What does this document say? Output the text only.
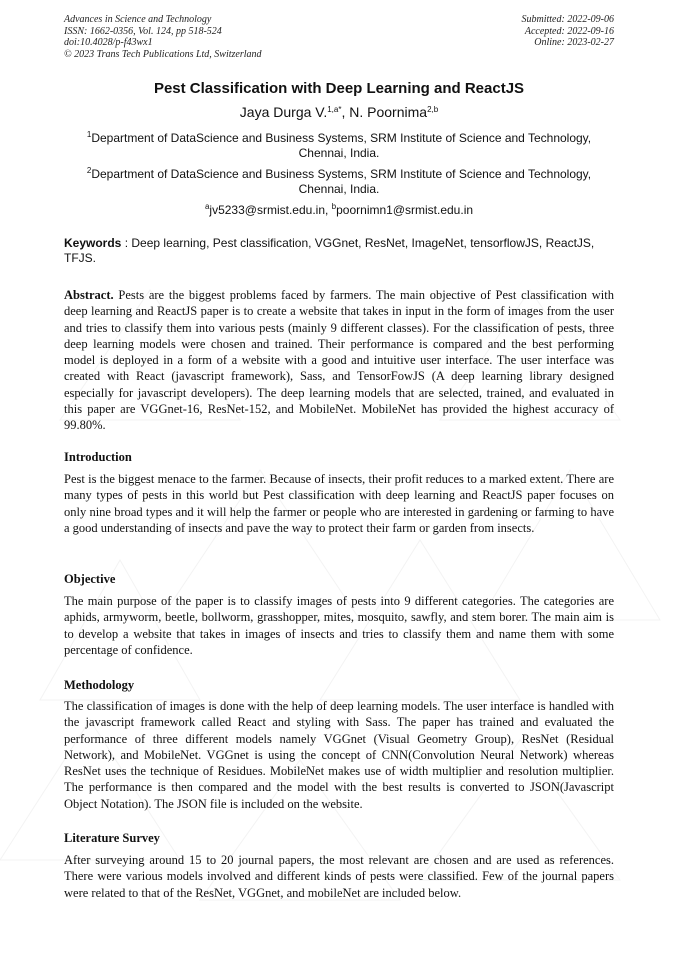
Advances in Science and Technology
ISSN: 1662-0356, Vol. 124, pp 518-524
doi:10.4028/p-f43wx1
© 2023 Trans Tech Publications Ltd, Switzerland
Submitted: 2022-09-06
Accepted: 2022-09-16
Online: 2023-02-27
Pest Classification with Deep Learning and ReactJS
Jaya Durga V.$^{1,a*}$, N. Poornima$^{2,b}$
$^1$Department of DataScience and Business Systems, SRM Institute of Science and Technology, Chennai, India.
$^2$Department of DataScience and Business Systems, SRM Institute of Science and Technology, Chennai, India.
$^a$jv5233@srmist.edu.in, $^b$poornimn1@srmist.edu.in
Keywords : Deep learning, Pest classification, VGGnet, ResNet, ImageNet, tensorflowJS, ReactJS, TFJS.

Abstract. Pests are the biggest problems faced by farmers. The main objective of Pest classification with deep learning and ReactJS paper is to create a website that takes in input in the form of images from the user and tries to classify them into various pests (mainly 9 different classes). For the classification of pests, three deep learning models were chosen and trained. Their performance is compared and the best performing model is deployed in a form of a website with a good and intuitive user interface. The user interface was created with React (javascript framework), Sass, and TensorFowJS (A deep learning library designed especially for javascript developers). The deep learning models that are selected, trained, and evaluated in this paper are VGGnet-16, ResNet-152, and MobileNet. MobileNet has provided the highest accuracy of 99.80%.

Introduction

Pest is the biggest menace to the farmer. Because of insects, their profit reduces to a marked extent. There are many types of pests in this world but Pest classification with deep learning and ReactJS paper focuses on only nine broad types and it will help the farmer or people who are interested in gardening or farming to have a good understanding of insects and pave the way to protect their farm or garden from insects.

Objective

The main purpose of the paper is to classify images of pests into 9 different categories. The categories are aphids, armyworm, beetle, bollworm, grasshopper, mites, mosquito, sawfly, and stem borer. The main aim is to develop a website that takes in images of insects and tries to classify them and name them with some percentage of confidence.

Methodology

The classification of images is done with the help of deep learning models. The user interface is handled with the javascript framework called React and styling with Sass. The paper has trained and evaluated the performance of three different models namely VGGnet (Visual Geometry Group), ResNet (Residual Network), and MobileNet. VGGnet is using the concept of CNN(Convolution Neural Network) whereas ResNet uses the technique of Residues. MobileNet makes use of width multiplier and resolution multiplier. The performance is then compared and the model with the best results is converted to JSON(Javascript Object Notation). The JSON file is included on the website.

Literature Survey

After surveying around 15 to 20 journal papers, the most relevant are chosen and are used as references. There were various models involved and different kinds of pests were classified. Few of the journal papers were related to that of the ResNet, VGGnet, and mobileNet are included below.
